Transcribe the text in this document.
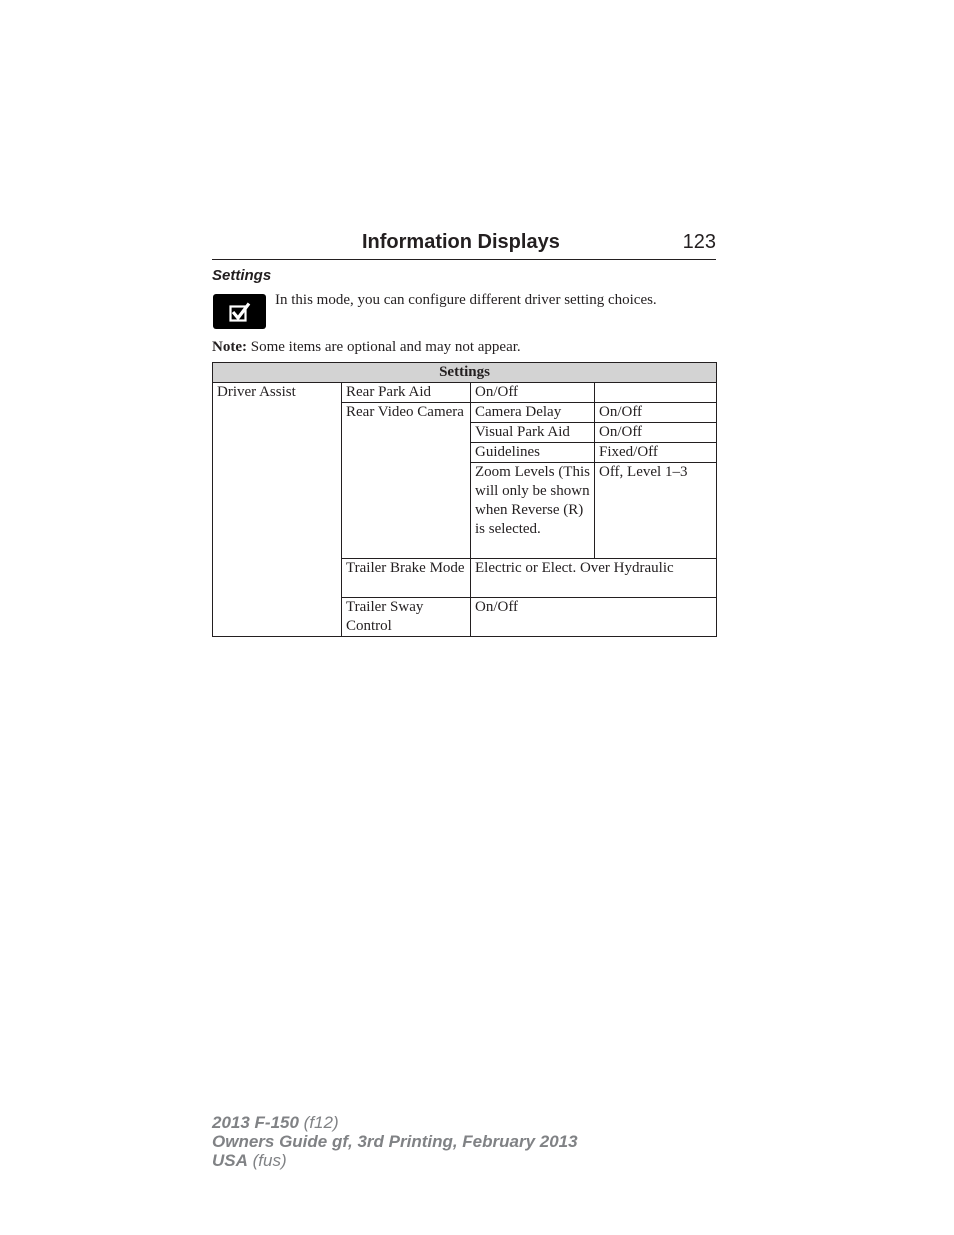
Information Displays	123
Settings
In this mode, you can configure different driver setting choices.
Note: Some items are optional and may not appear.
Settings			
Driver Assist	Rear Park Aid	On/Off	
	Rear Video Camera	Camera Delay	On/Off
		Visual Park Aid	On/Off
		Guidelines	Fixed/Off
		Zoom Levels (This will only be shown when Reverse (R) is selected.	Off, Level 1–3
	Trailer Brake Mode	Electric or Elect. Over Hydraulic	
	Trailer Sway Control	On/Off	
2013 F-150 (f12)
Owners Guide gf, 3rd Printing, February 2013
USA (fus)
